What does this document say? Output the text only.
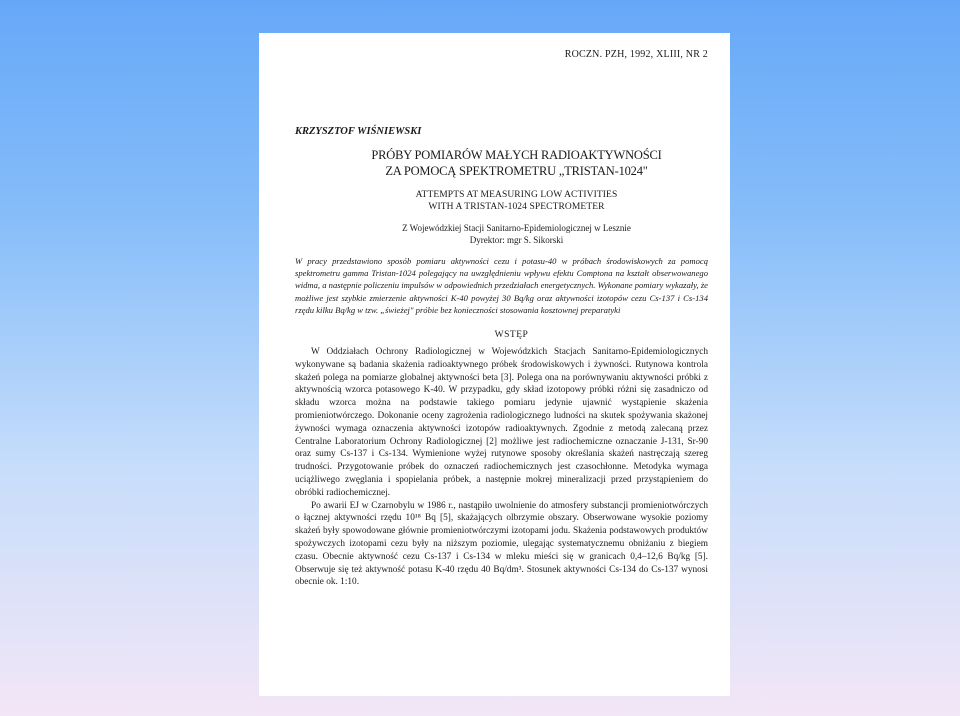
ROCZN. PZH, 1992, XLIII, NR 2
KRZYSZTOF WIŚNIEWSKI
PRÓBY POMIARÓW MAŁYCH RADIOAKTYWNOŚCI
ZA POMOCĄ SPEKTROMETRU „TRISTAN-1024"
ATTEMPTS AT MEASURING LOW ACTIVITIES
WITH A TRISTAN-1024 SPECTROMETER
Z Wojewódzkiej Stacji Sanitarno-Epidemiologicznej w Lesznie
Dyrektor: mgr S. Sikorski

W pracy przedstawiono sposób pomiaru aktywności cezu i potasu-40 w próbach środowiskowych za pomocą spektrometru gamma Tristan-1024 polegający na uwzględnieniu wpływu efektu Comptona na kształt obserwowanego widma, a następnie policzeniu impulsów w odpowiednich przedziałach energetycznych. Wykonane pomiary wykazały, że możliwe jest szybkie zmierzenie aktywności K-40 powyżej 30 Bq/kg oraz aktywności izotopów cezu Cs-137 i Cs-134 rzędu kilku Bq/kg w tzw. „świeżej" próbie bez konieczności stosowania kosztownej preparatyki

WSTĘP

W Oddziałach Ochrony Radiologicznej w Wojewódzkich Stacjach Sanitarno-Epidemiologicznych wykonywane są badania skażenia radioaktywnego próbek środowiskowych i żywności. Rutynowa kontrola skażeń polega na pomiarze globalnej aktywności beta [3]. Polega ona na porównywaniu aktywności próbki z aktywnością wzorca potasowego K-40. W przypadku, gdy skład izotopowy próbki różni się zasadniczo od składu wzorca można na podstawie takiego pomiaru jedynie ujawnić wystąpienie skażenia promieniotwórczego. Dokonanie oceny zagrożenia radiologicznego ludności na skutek spożywania skażonej żywności wymaga oznaczenia aktywności izotopów radioaktywnych. Zgodnie z metodą zalecaną przez Centralne Laboratorium Ochrony Radiologicznej [2] możliwe jest radiochemiczne oznaczanie J-131, Sr-90 oraz sumy Cs-137 i Cs-134. Wymienione wyżej rutynowe sposoby określania skażeń nastręczają szereg trudności. Przygotowanie próbek do oznaczeń radiochemicznych jest czasochłonne. Metodyka wymaga uciążliwego zwęglania i spopielania próbek, a następnie mokrej mineralizacji przed przystąpieniem do obróbki radiochemicznej.

Po awarii EJ w Czarnobylu w 1986 r., nastąpiło uwolnienie do atmosfery substancji promieniotwórczych o łącznej aktywności rzędu 10¹⁸ Bq [5], skażających olbrzymie obszary. Obserwowane wysokie poziomy skażeń były spowodowane głównie promieniotwórczymi izotopami jodu. Skażenia podstawowych produktów spożywczych izotopami cezu były na niższym poziomie, ulegając systematycznemu obniżaniu z biegiem czasu. Obecnie aktywność cezu Cs-137 i Cs-134 w mleku mieści się w granicach 0,4–12,6 Bq/kg [5]. Obserwuje się też aktywność potasu K-40 rzędu 40 Bq/dm³. Stosunek aktywności Cs-134 do Cs-137 wynosi obecnie ok. 1:10.
